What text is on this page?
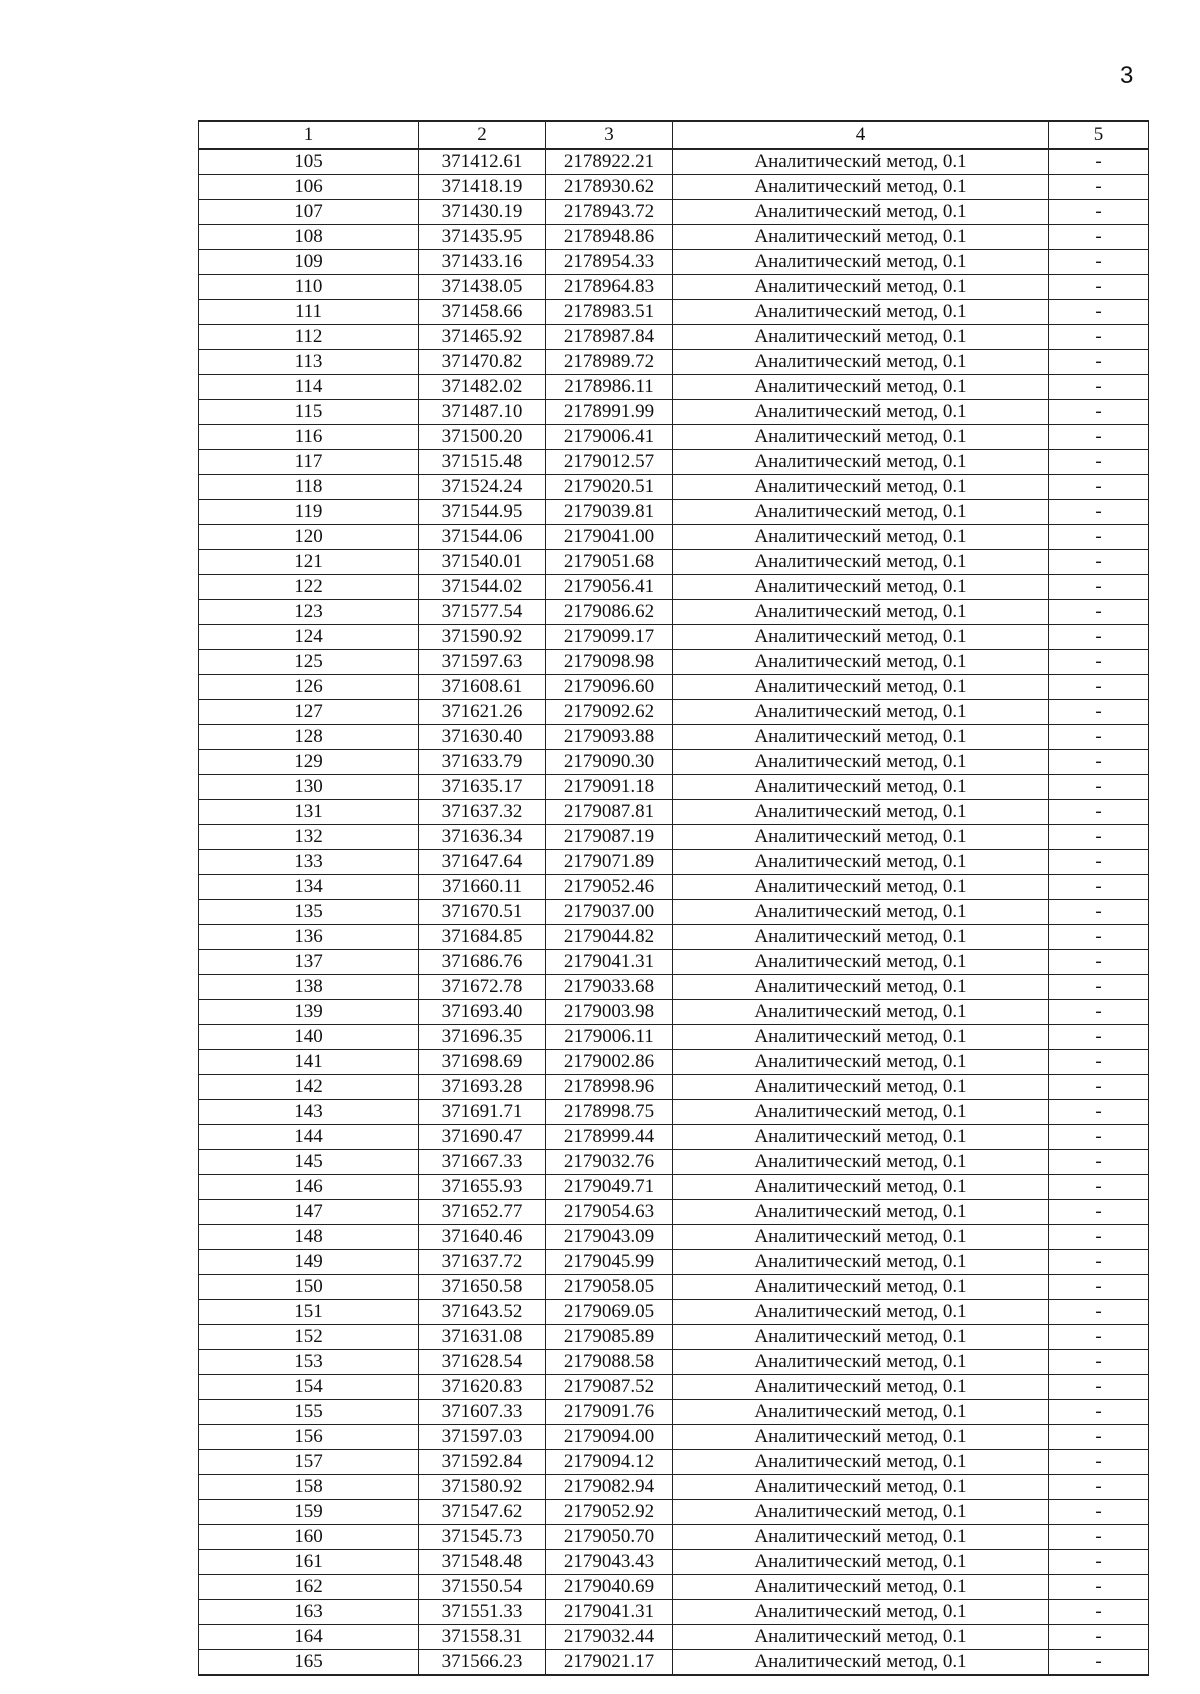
3
1	2	3	4	5
105	371412.61	2178922.21	Аналитический метод, 0.1	-
106	371418.19	2178930.62	Аналитический метод, 0.1	-
107	371430.19	2178943.72	Аналитический метод, 0.1	-
108	371435.95	2178948.86	Аналитический метод, 0.1	-
109	371433.16	2178954.33	Аналитический метод, 0.1	-
110	371438.05	2178964.83	Аналитический метод, 0.1	-
111	371458.66	2178983.51	Аналитический метод, 0.1	-
112	371465.92	2178987.84	Аналитический метод, 0.1	-
113	371470.82	2178989.72	Аналитический метод, 0.1	-
114	371482.02	2178986.11	Аналитический метод, 0.1	-
115	371487.10	2178991.99	Аналитический метод, 0.1	-
116	371500.20	2179006.41	Аналитический метод, 0.1	-
117	371515.48	2179012.57	Аналитический метод, 0.1	-
118	371524.24	2179020.51	Аналитический метод, 0.1	-
119	371544.95	2179039.81	Аналитический метод, 0.1	-
120	371544.06	2179041.00	Аналитический метод, 0.1	-
121	371540.01	2179051.68	Аналитический метод, 0.1	-
122	371544.02	2179056.41	Аналитический метод, 0.1	-
123	371577.54	2179086.62	Аналитический метод, 0.1	-
124	371590.92	2179099.17	Аналитический метод, 0.1	-
125	371597.63	2179098.98	Аналитический метод, 0.1	-
126	371608.61	2179096.60	Аналитический метод, 0.1	-
127	371621.26	2179092.62	Аналитический метод, 0.1	-
128	371630.40	2179093.88	Аналитический метод, 0.1	-
129	371633.79	2179090.30	Аналитический метод, 0.1	-
130	371635.17	2179091.18	Аналитический метод, 0.1	-
131	371637.32	2179087.81	Аналитический метод, 0.1	-
132	371636.34	2179087.19	Аналитический метод, 0.1	-
133	371647.64	2179071.89	Аналитический метод, 0.1	-
134	371660.11	2179052.46	Аналитический метод, 0.1	-
135	371670.51	2179037.00	Аналитический метод, 0.1	-
136	371684.85	2179044.82	Аналитический метод, 0.1	-
137	371686.76	2179041.31	Аналитический метод, 0.1	-
138	371672.78	2179033.68	Аналитический метод, 0.1	-
139	371693.40	2179003.98	Аналитический метод, 0.1	-
140	371696.35	2179006.11	Аналитический метод, 0.1	-
141	371698.69	2179002.86	Аналитический метод, 0.1	-
142	371693.28	2178998.96	Аналитический метод, 0.1	-
143	371691.71	2178998.75	Аналитический метод, 0.1	-
144	371690.47	2178999.44	Аналитический метод, 0.1	-
145	371667.33	2179032.76	Аналитический метод, 0.1	-
146	371655.93	2179049.71	Аналитический метод, 0.1	-
147	371652.77	2179054.63	Аналитический метод, 0.1	-
148	371640.46	2179043.09	Аналитический метод, 0.1	-
149	371637.72	2179045.99	Аналитический метод, 0.1	-
150	371650.58	2179058.05	Аналитический метод, 0.1	-
151	371643.52	2179069.05	Аналитический метод, 0.1	-
152	371631.08	2179085.89	Аналитический метод, 0.1	-
153	371628.54	2179088.58	Аналитический метод, 0.1	-
154	371620.83	2179087.52	Аналитический метод, 0.1	-
155	371607.33	2179091.76	Аналитический метод, 0.1	-
156	371597.03	2179094.00	Аналитический метод, 0.1	-
157	371592.84	2179094.12	Аналитический метод, 0.1	-
158	371580.92	2179082.94	Аналитический метод, 0.1	-
159	371547.62	2179052.92	Аналитический метод, 0.1	-
160	371545.73	2179050.70	Аналитический метод, 0.1	-
161	371548.48	2179043.43	Аналитический метод, 0.1	-
162	371550.54	2179040.69	Аналитический метод, 0.1	-
163	371551.33	2179041.31	Аналитический метод, 0.1	-
164	371558.31	2179032.44	Аналитический метод, 0.1	-
165	371566.23	2179021.17	Аналитический метод, 0.1	-
